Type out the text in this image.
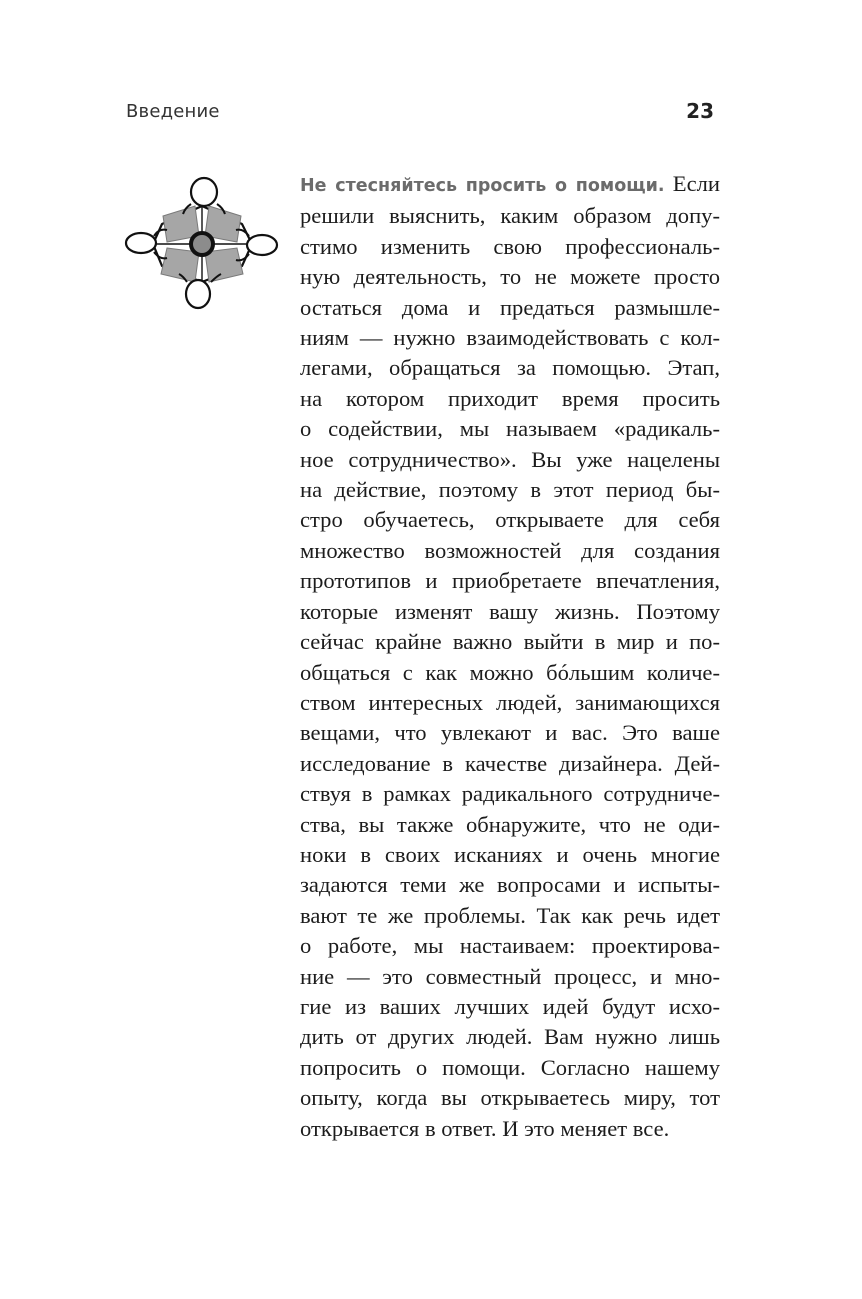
Введение	23
Не стесняйтесь просить о помощи. Если
решили выяснить, каким образом допу-
стимо изменить свою профессиональ-
ную деятельность, то не можете просто
остаться дома и предаться размышле-
ниям — нужно взаимодействовать с кол-
легами, обращаться за помощью. Этап,
на котором приходит время просить
о содействии, мы называем «радикаль-
ное сотрудничество». Вы уже нацелены
на действие, поэтому в этот период бы-
стро обучаетесь, открываете для себя
множество возможностей для создания
прототипов и приобретаете впечатления,
которые изменят вашу жизнь. Поэтому
сейчас крайне важно выйти в мир и по-
общаться с как можно бóльшим количе-
ством интересных людей, занимающихся
вещами, что увлекают и вас. Это ваше
исследование в качестве дизайнера. Дей-
ствуя в рамках радикального сотрудниче-
ства, вы также обнаружите, что не оди-
ноки в своих исканиях и очень многие
задаются теми же вопросами и испыты-
вают те же проблемы. Так как речь идет
о работе, мы настаиваем: проектирова-
ние — это совместный процесс, и мно-
гие из ваших лучших идей будут исхо-
дить от других людей. Вам нужно лишь
попросить о помощи. Согласно нашему
опыту, когда вы открываетесь миру, тот
открывается в ответ. И это меняет все.
